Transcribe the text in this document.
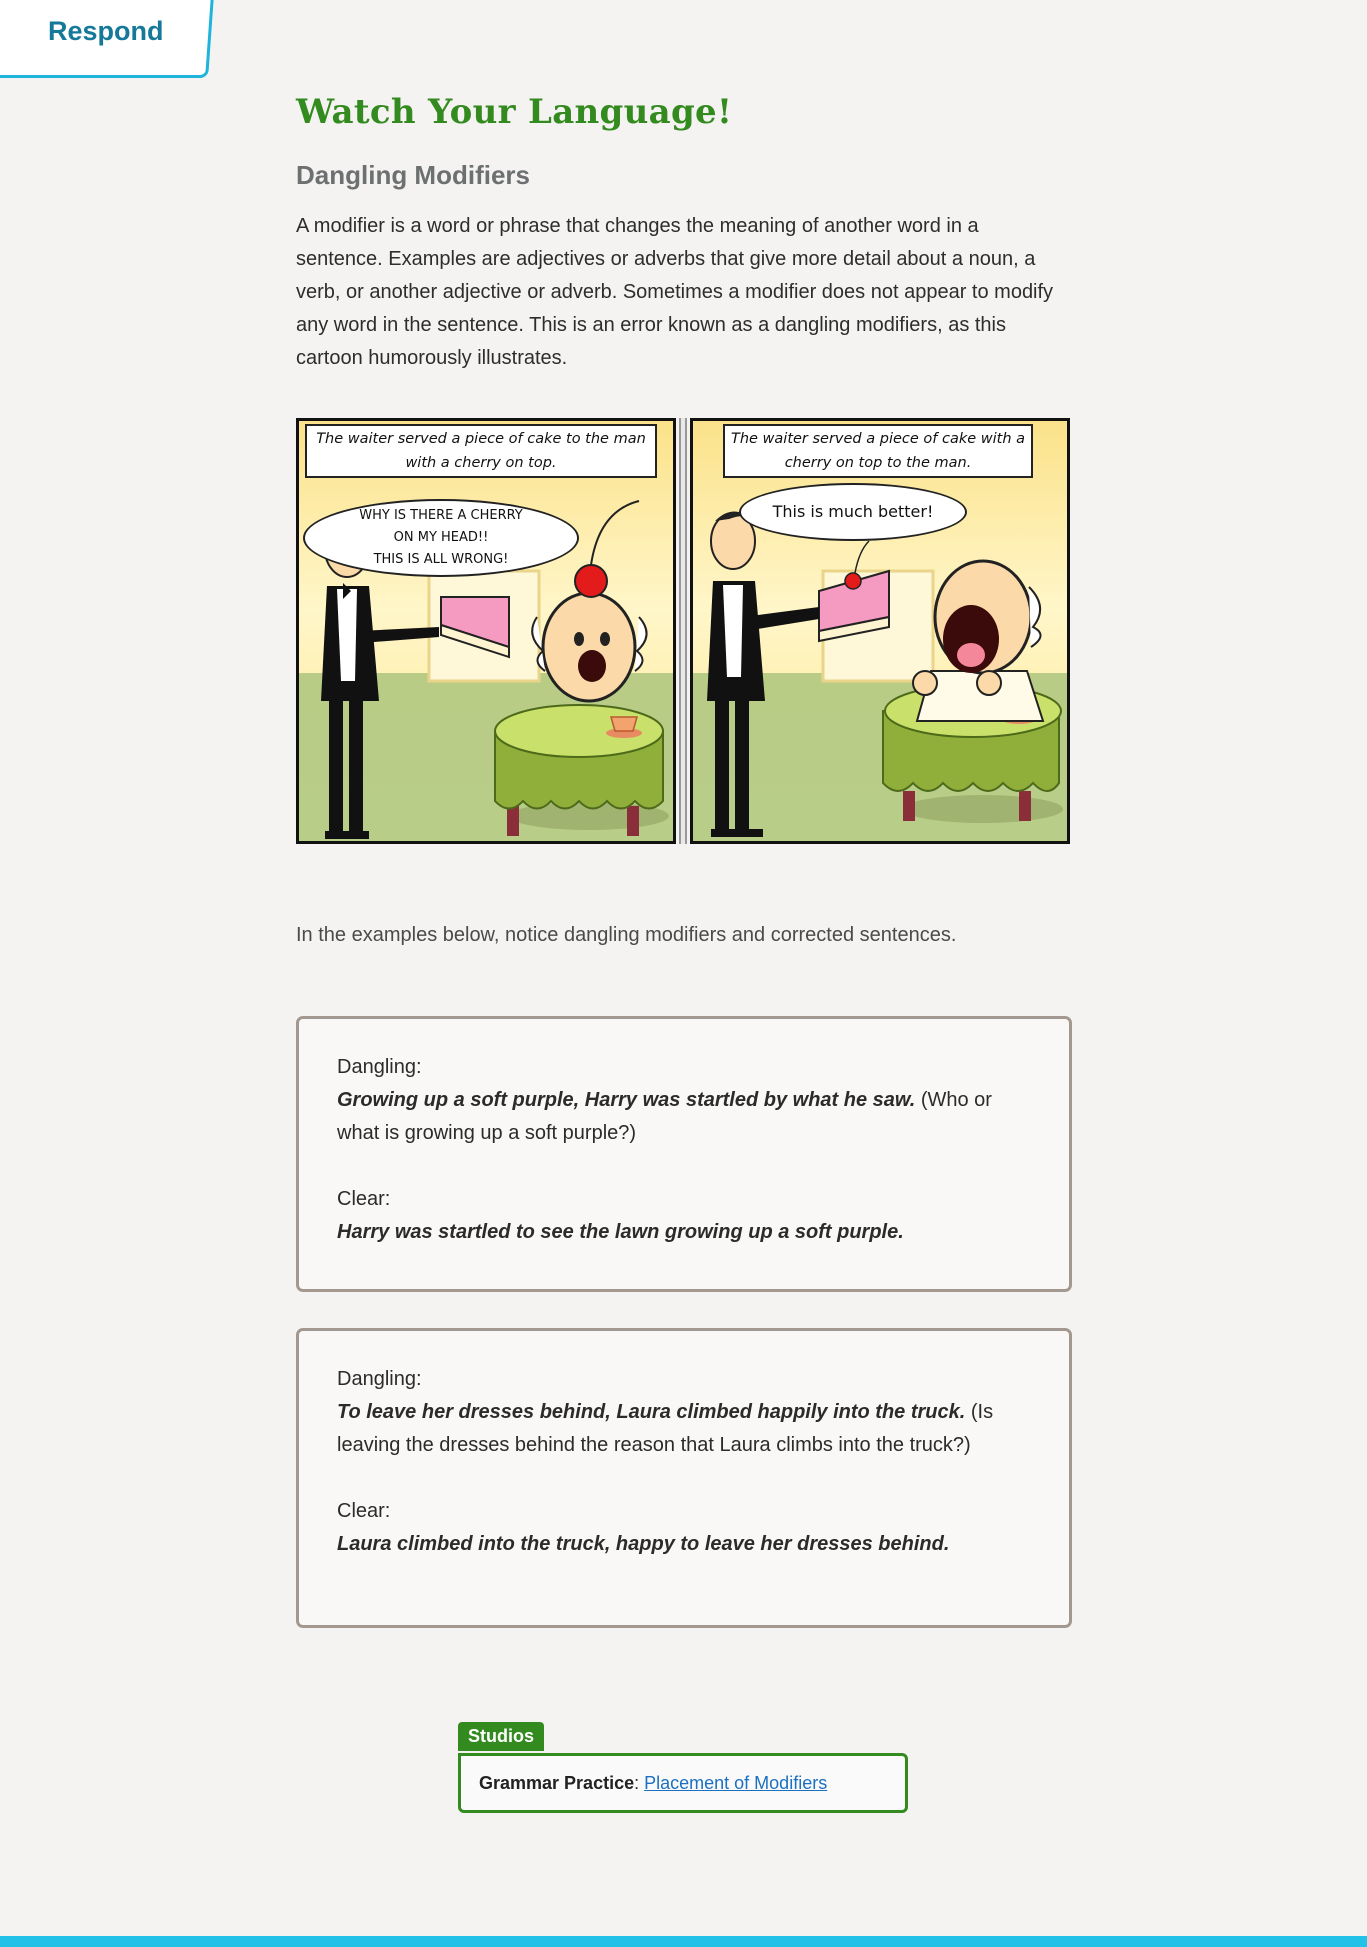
Respond
Watch Your Language!
Dangling Modifiers
A modifier is a word or phrase that changes the meaning of another word in a sentence. Examples are adjectives or adverbs that give more detail about a noun, a verb, or another adjective or adverb. Sometimes a modifier does not appear to modify any word in the sentence. This is an error known as a dangling modifiers, as this cartoon humorously illustrates.
The waiter served a piece of cake to the man with a cherry on top.
WHY IS THERE A CHERRY
ON MY HEAD!!
THIS IS ALL WRONG!
The waiter served a piece of cake with a cherry on top to the man.
This is much better!
In the examples below, notice dangling modifiers and corrected sentences.
Dangling:
Growing up a soft purple, Harry was startled by what he saw. (Who or what is growing up a soft purple?)
Clear:
Harry was startled to see the lawn growing up a soft purple.
Dangling:
To leave her dresses behind, Laura climbed happily into the truck. (Is leaving the dresses behind the reason that Laura climbs into the truck?)
Clear:
Laura climbed into the truck, happy to leave her dresses behind.
Studios
Grammar Practice :
Placement of Modifiers
